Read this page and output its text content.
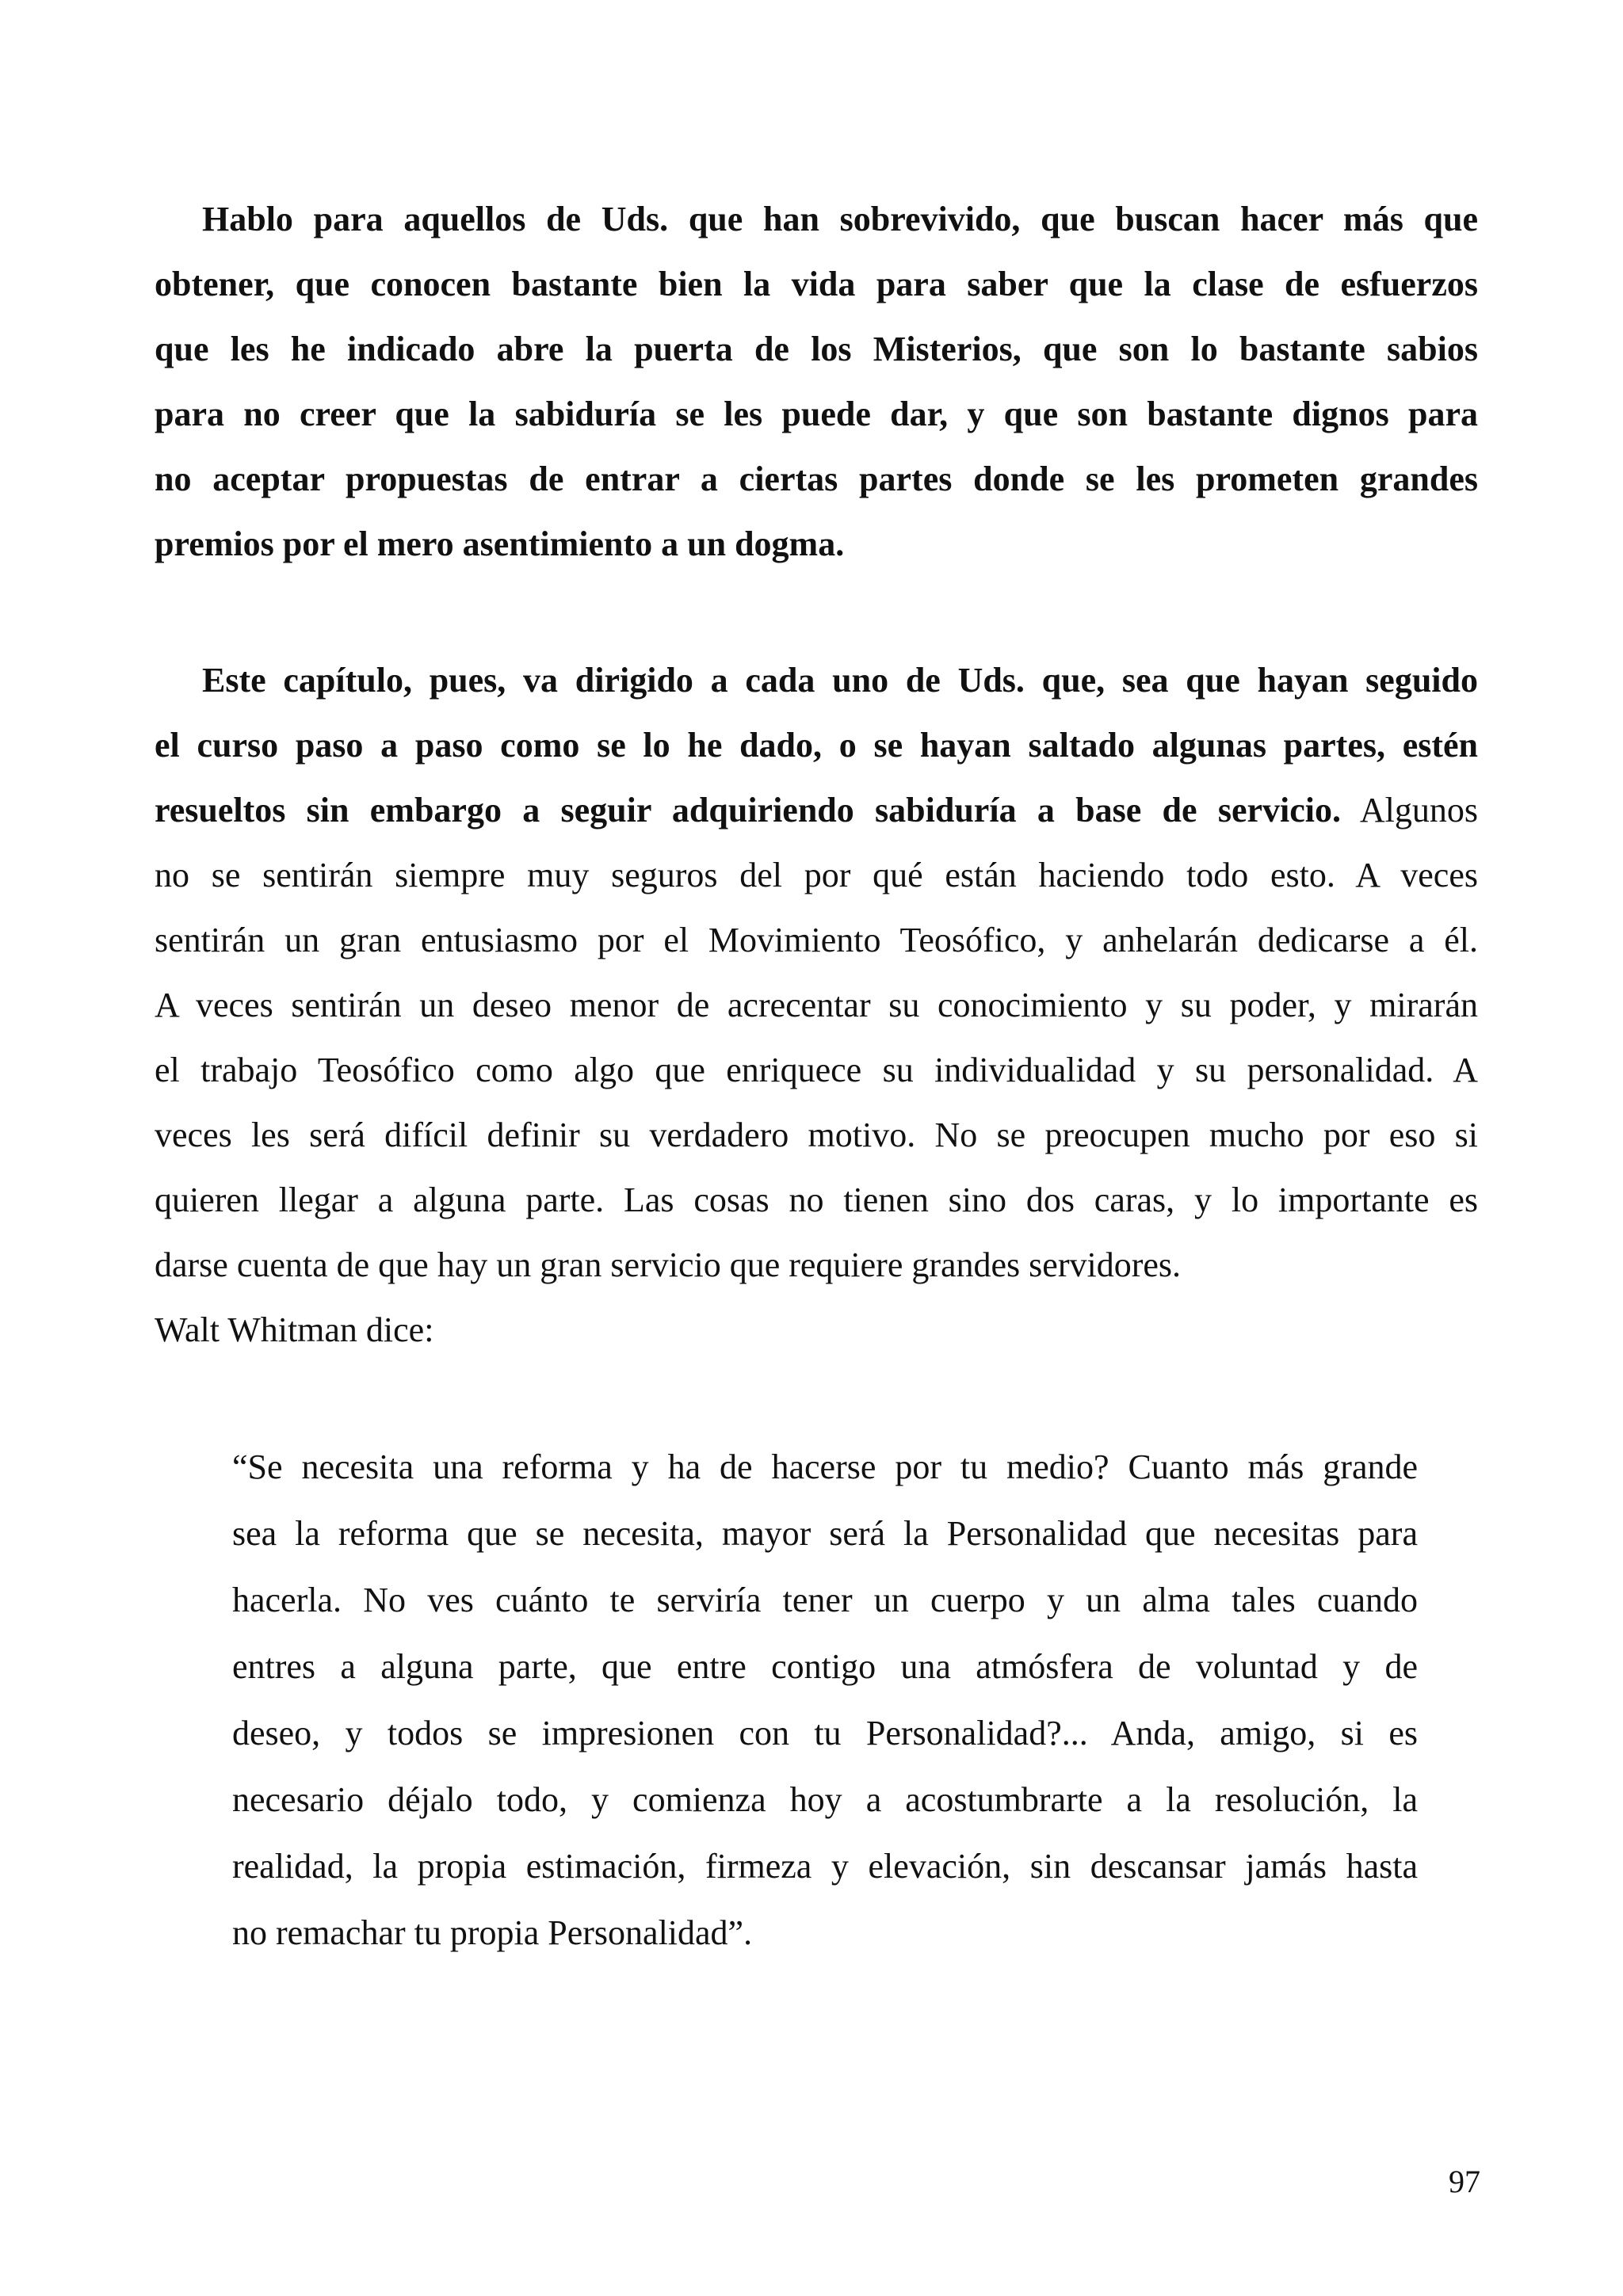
Hablo para aquellos de Uds. que han sobrevivido, que buscan hacer más que
obtener, que conocen bastante bien la vida para saber que la clase de esfuerzos
que les he indicado abre la puerta de los Misterios, que son lo bastante sabios
para no creer que la sabiduría se les puede dar, y que son bastante dignos para
no aceptar propuestas de entrar a ciertas partes donde se les prometen grandes
premios por el mero asentimiento a un dogma.
Este capítulo, pues, va dirigido a cada uno de Uds. que, sea que hayan seguido
el curso paso a paso como se lo he dado, o se hayan saltado algunas partes, estén
resueltos sin embargo a seguir adquiriendo sabiduría a base de servicio. Algunos
no se sentirán siempre muy seguros del por qué están haciendo todo esto. A veces
sentirán un gran entusiasmo por el Movimiento Teosófico, y anhelarán dedicarse a él.
A veces sentirán un deseo menor de acrecentar su conocimiento y su poder, y mirarán
el trabajo Teosófico como algo que enriquece su individualidad y su personalidad. A
veces les será difícil definir su verdadero motivo. No se preocupen mucho por eso si
quieren llegar a alguna parte. Las cosas no tienen sino dos caras, y lo importante es
darse cuenta de que hay un gran servicio que requiere grandes servidores.
Walt Whitman dice:
“Se necesita una reforma y ha de hacerse por tu medio? Cuanto más grande
sea la reforma que se necesita, mayor será la Personalidad que necesitas para
hacerla. No ves cuánto te serviría tener un cuerpo y un alma tales cuando
entres a alguna parte, que entre contigo una atmósfera de voluntad y de
deseo, y todos se impresionen con tu Personalidad?... Anda, amigo, si es
necesario déjalo todo, y comienza hoy a acostumbrarte a la resolución, la
realidad, la propia estimación, firmeza y elevación, sin descansar jamás hasta
no remachar tu propia Personalidad”.
97
